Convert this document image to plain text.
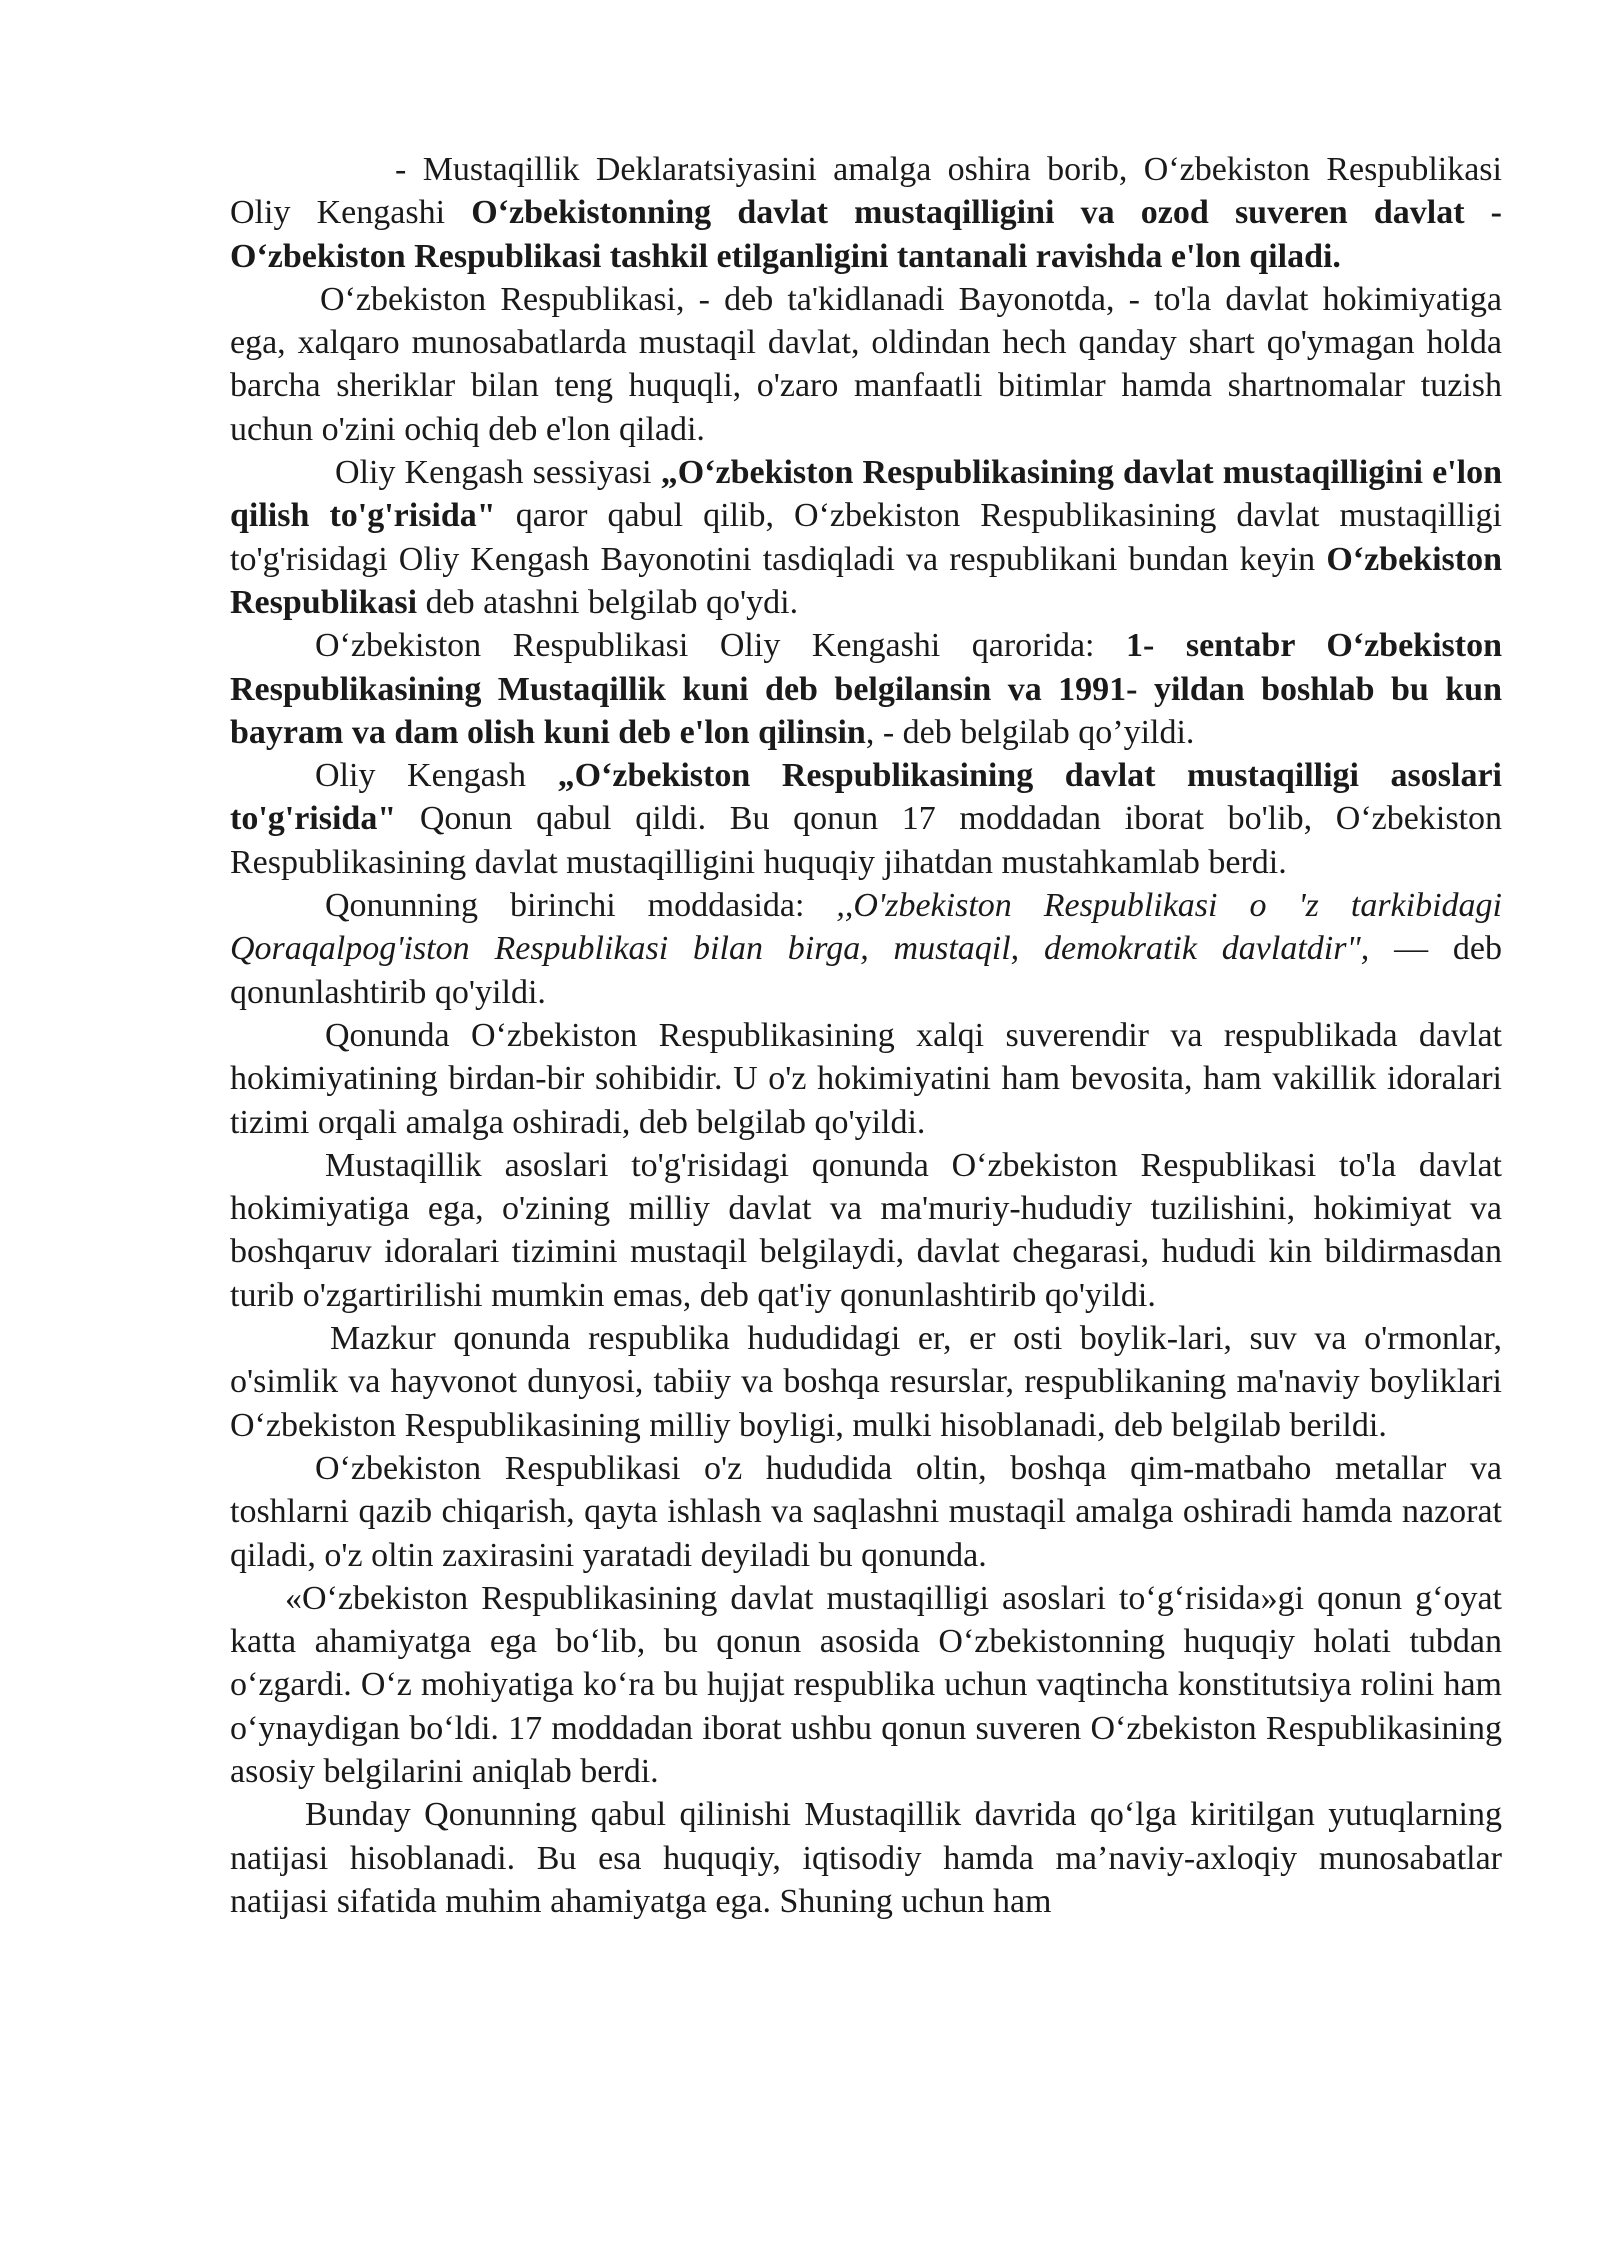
- Mustaqillik Deklaratsiyasini amalga oshira borib, O‘zbekiston Respublikasi Oliy Kengashi O‘zbekistonning davlat mustaqilligini va ozod suveren davlat - O‘zbekiston Respublikasi tashkil etilganligini tantanali ravishda e'lon qiladi.

O‘zbekiston Respublikasi, - deb ta'kidlanadi Bayonotda, - to'la davlat hokimiyatiga ega, xalqaro munosabatlarda mustaqil davlat, oldindan hech qanday shart qo'ymagan holda barcha sheriklar bilan teng huquqli, o'zaro manfaatli bitimlar hamda shartnomalar tuzish uchun o'zini ochiq deb e'lon qiladi.

Oliy Kengash sessiyasi „O‘zbekiston Respublikasining davlat mustaqilligini e'lon qilish to'g'risida" qaror qabul qilib, O‘zbekiston Respublikasining davlat mustaqilligi to'g'risidagi Oliy Kengash Bayonotini tasdiqladi va respublikani bundan keyin O‘zbekiston Respublikasi deb atashni belgilab qo'ydi.

O‘zbekiston Respublikasi Oliy Kengashi qarorida: 1- sentabr O‘zbekiston Respublikasining Mustaqillik kuni deb belgilansin va 1991- yildan boshlab bu kun bayram va dam olish kuni deb e'lon qilinsin, - deb belgilab qo’yildi.

Oliy Kengash „O‘zbekiston Respublikasining davlat mustaqilligi asoslari to'g'risida" Qonun qabul qildi. Bu qonun 17 moddadan iborat bo'lib, O‘zbekiston Respublikasining davlat mustaqilligini huquqiy jihatdan mustahkamlab berdi.

Qonunning birinchi moddasida: ,,O'zbekiston Respublikasi o 'z tarkibidagi Qoraqalpog'iston Respublikasi bilan birga, mustaqil, demokratik davlatdir", — deb qonunlashtirib qo'yildi.

Qonunda O‘zbekiston Respublikasining xalqi suverendir va respublikada davlat hokimiyatining birdan-bir sohibidir. U o'z hokimiyatini ham bevosita, ham vakillik idoralari tizimi orqali amalga oshiradi, deb belgilab qo'yildi.

Mustaqillik asoslari to'g'risidagi qonunda O‘zbekiston Respublikasi to'la davlat hokimiyatiga ega, o'zining milliy davlat va ma'muriy-hududiy tuzilishini, hokimiyat va boshqaruv idoralari tizimini mustaqil belgilaydi, davlat chegarasi, hududi kin bildirmasdan turib o'zgartirilishi mumkin emas, deb qat'iy qonunlashtirib qo'yildi.

Mazkur qonunda respublika hududidagi er, er osti boylik-lari, suv va o'rmonlar, o'simlik va hayvonot dunyosi, tabiiy va boshqa resurslar, respublikaning ma'naviy boyliklari O‘zbekiston Respublikasining milliy boyligi, mulki hisoblanadi, deb belgilab berildi.

O‘zbekiston Respublikasi o'z hududida oltin, boshqa qim-matbaho metallar va toshlarni qazib chiqarish, qayta ishlash va saqlashni mustaqil amalga oshiradi hamda nazorat qiladi, o'z oltin zaxirasini yaratadi deyiladi bu qonunda.

«O‘zbekiston Respublikasining davlat mustaqilligi asoslari to‘g‘risida»gi qonun g‘oyat katta ahamiyatga ega bo‘lib, bu qonun asosida O‘zbekistonning huquqiy holati tubdan o‘zgardi. O‘z mohiyatiga ko‘ra bu hujjat respublika uchun vaqtincha konstitutsiya rolini ham o‘ynaydigan bo‘ldi. 17 moddadan iborat ushbu qonun suveren O‘zbekiston Respublikasining asosiy belgilarini aniqlab berdi.

Bunday Qonunning qabul qilinishi Mustaqillik davrida qo‘lga kiritilgan yutuqlarning natijasi hisoblanadi. Bu esa huquqiy, iqtisodiy hamda ma’naviy-axloqiy munosabatlar natijasi sifatida muhim ahamiyatga ega. Shuning uchun ham
